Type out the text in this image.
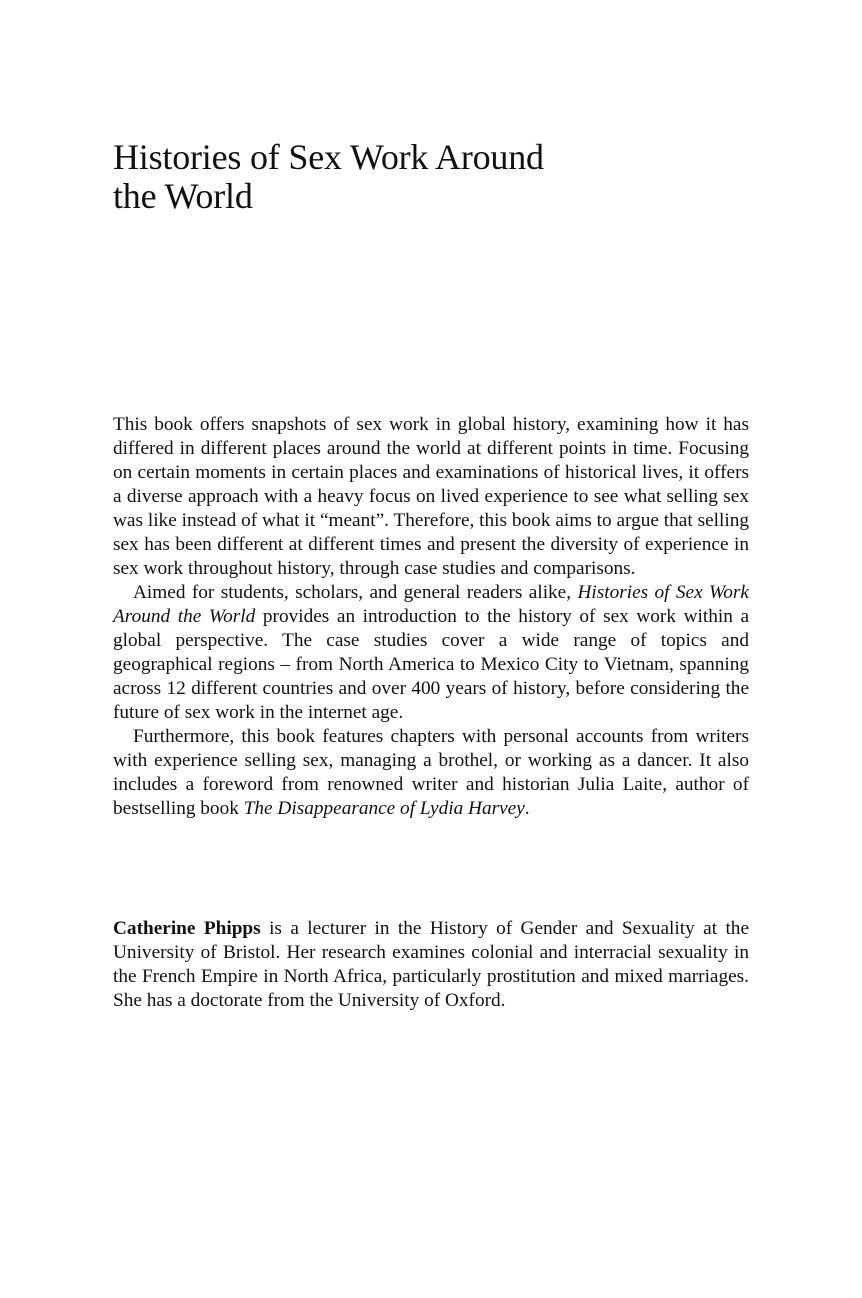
Histories of Sex Work Around
the World

This book offers snapshots of sex work in global history, examining how it has differed in different places around the world at different points in time. Focusing on certain moments in certain places and examinations of historical lives, it offers a diverse approach with a heavy focus on lived experience to see what selling sex was like instead of what it “meant”. Therefore, this book aims to argue that selling sex has been different at different times and present the diversity of experience in sex work throughout history, through case studies and comparisons.

Aimed for students, scholars, and general readers alike, Histories of Sex Work Around the World provides an introduction to the history of sex work within a global perspective. The case studies cover a wide range of topics and geographical regions – from North America to Mexico City to Vietnam, spanning across 12 different countries and over 400 years of history, before considering the future of sex work in the internet age.

Furthermore, this book features chapters with personal accounts from writers with experience selling sex, managing a brothel, or working as a dancer. It also includes a foreword from renowned writer and historian Julia Laite, author of bestselling book The Disappearance of Lydia Harvey.

Catherine Phipps is a lecturer in the History of Gender and Sexuality at the University of Bristol. Her research examines colonial and interracial sexuality in the French Empire in North Africa, particularly prostitution and mixed marriages. She has a doctorate from the University of Oxford.
